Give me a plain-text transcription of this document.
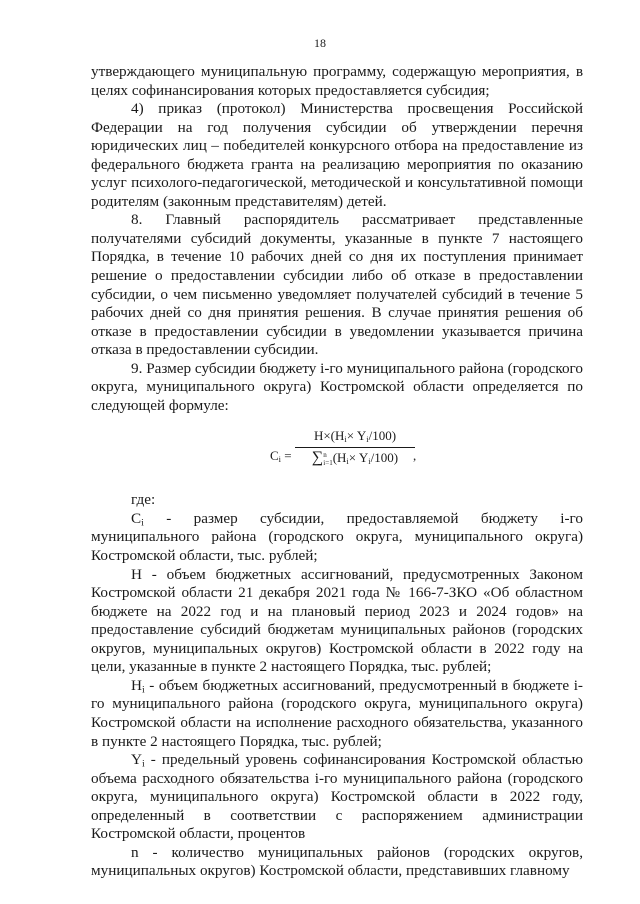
18

утверждающего муниципальную программу, содержащую мероприятия, в целях софинансирования которых предоставляется субсидия;

4) приказ (протокол) Министерства просвещения Российской Федерации на год получения субсидии об утверждении перечня юридических лиц – победителей конкурсного отбора на предоставление из федерального бюджета гранта на реализацию мероприятия по оказанию услуг психолого-педагогической, методической и консультативной помощи родителям (законным представителям) детей.

8. Главный распорядитель рассматривает представленные получателями субсидий документы, указанные в пункте 7 настоящего Порядка, в течение 10 рабочих дней со дня их поступления принимает решение о предоставлении субсидии либо об отказе в предоставлении субсидии, о чем письменно уведомляет получателей субсидий в течение 5 рабочих дней со дня принятия решения. В случае принятия решения об отказе в предоставлении субсидии в уведомлении указывается причина отказа в предоставлении субсидии.

9. Размер субсидии бюджету i-го муниципального района (городского округа, муниципального округа) Костромской области определяется по следующей формуле:

$C_i$ =
$Н\times(Н_i\times Y_i/100)$
∑n
$i=1(Н_i\times Y_i/100)$	,

где:

$C_i$ - размер субсидии, предоставляемой бюджету i-го муниципального района (городского округа, муниципального округа) Костромской области, тыс. рублей;

Н - объем бюджетных ассигнований, предусмотренных Законом Костромской области 21 декабря 2021 года № 166-7-ЗКО «Об областном бюджете на 2022 год и на плановый период 2023 и 2024 годов» на предоставление субсидий бюджетам муниципальных районов (городских округов, муниципальных округов) Костромской области в 2022 году на цели, указанные в пункте 2 настоящего Порядка, тыс. рублей;

$Н_i$ - объем бюджетных ассигнований, предусмотренный в бюджете i-го муниципального района (городского округа, муниципального округа) Костромской области на исполнение расходного обязательства, указанного в пункте 2 настоящего Порядка, тыс. рублей;

$Y_i$ - предельный уровень софинансирования Костромской областью объема расходного обязательства i-го муниципального района (городского округа, муниципального округа) Костромской области в 2022 году, определенный в соответствии с распоряжением администрации Костромской области, процентов

n - количество муниципальных районов (городских округов, муниципальных округов) Костромской области, представивших главному
